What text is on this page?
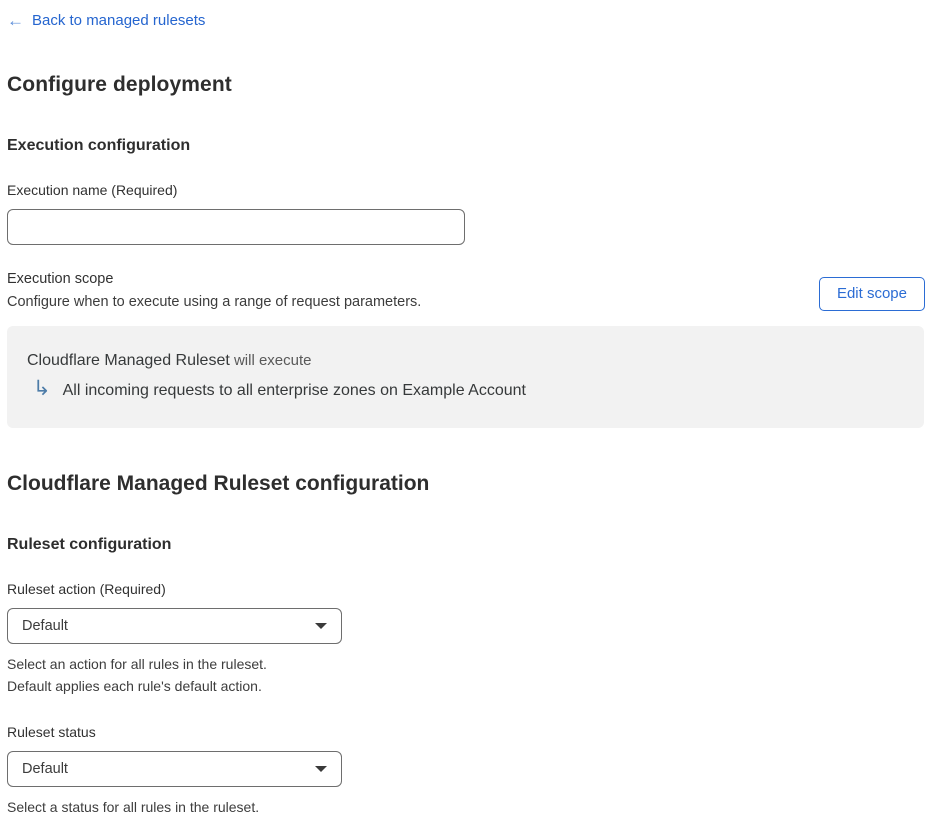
← Back to managed rulesets
Configure deployment
Execution configuration
Execution name (Required)
Execution scope
Configure when to execute using a range of request parameters.	Edit scope
Cloudflare Managed Ruleset will execute
↳ All incoming requests to all enterprise zones on Example Account
Cloudflare Managed Ruleset configuration
Ruleset configuration
Ruleset action (Required)
Default
Select an action for all rules in the ruleset.
Default applies each rule's default action.
Ruleset status
Default
Select a status for all rules in the ruleset.
